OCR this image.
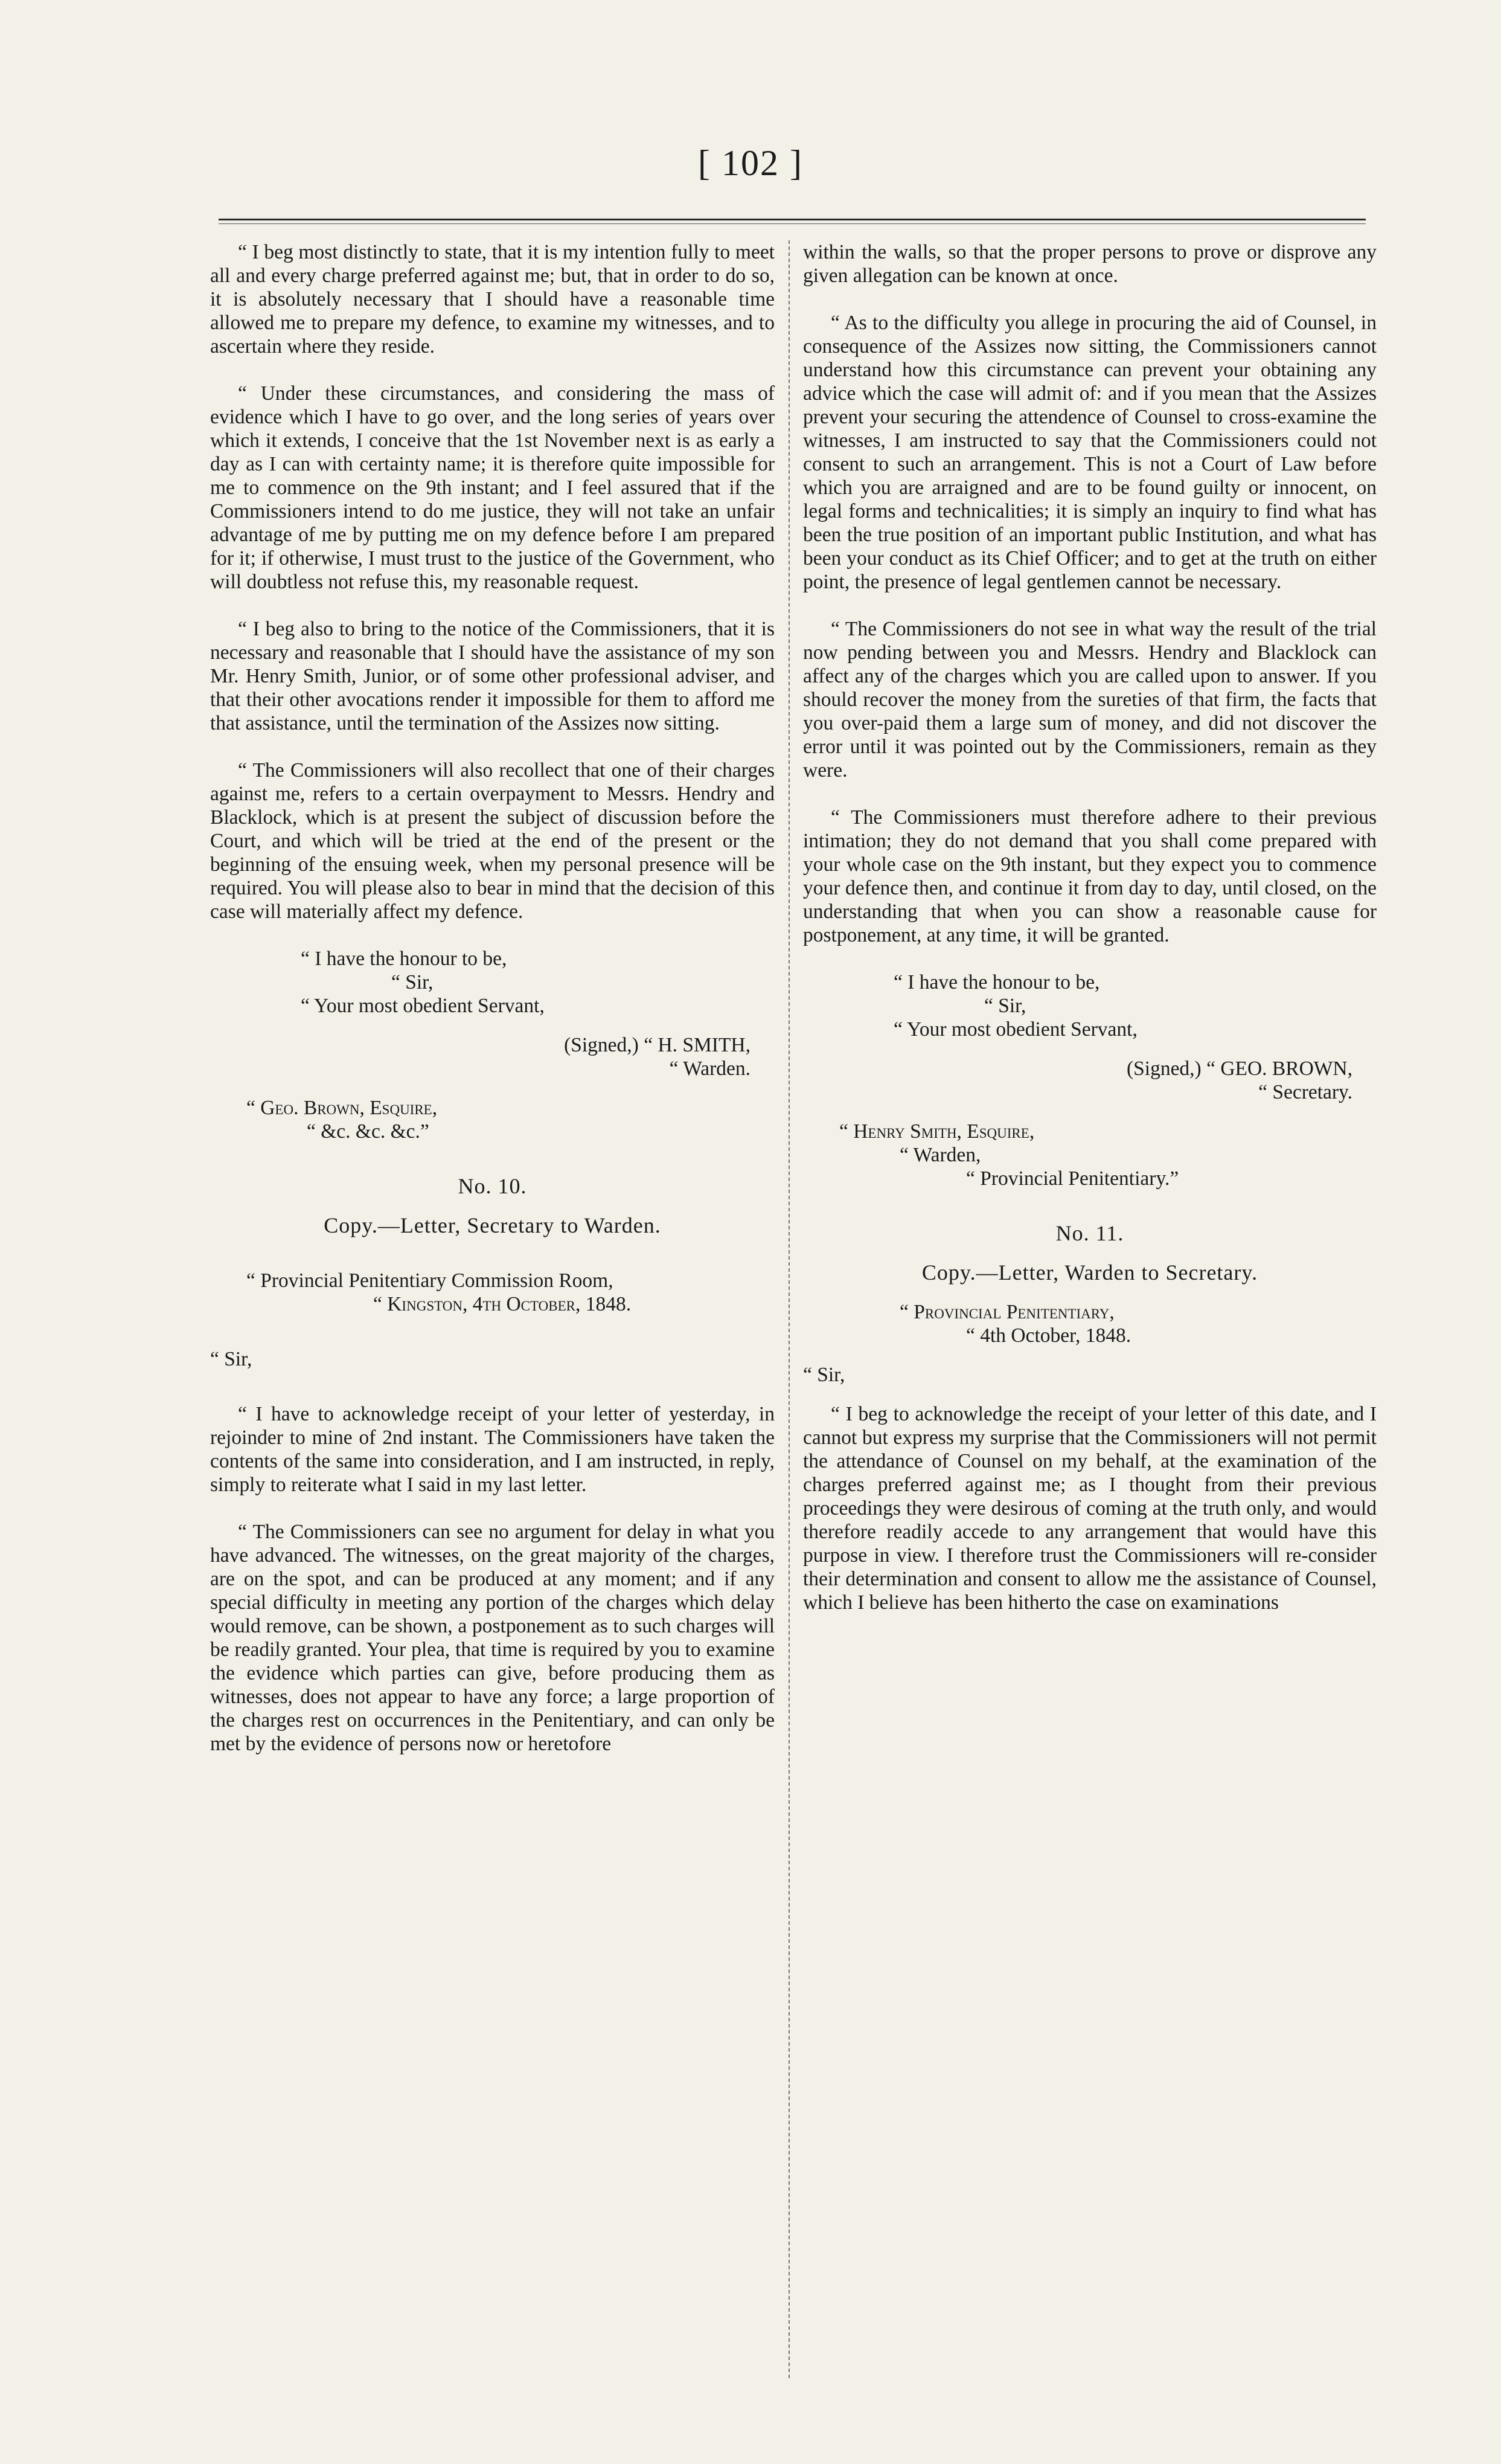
[ 102 ]

“ I beg most distinctly to state, that it is my intention fully to meet all and every charge preferred against me; but, that in order to do so, it is absolutely necessary that I should have a reasonable time allowed me to prepare my defence, to examine my witnesses, and to ascertain where they reside.

“ Under these circumstances, and considering the mass of evidence which I have to go over, and the long series of years over which it extends, I conceive that the 1st November next is as early a day as I can with certainty name; it is therefore quite impossible for me to commence on the 9th instant; and I feel assured that if the Commissioners intend to do me justice, they will not take an unfair advantage of me by putting me on my defence before I am prepared for it; if otherwise, I must trust to the justice of the Government, who will doubtless not refuse this, my reasonable request.

“ I beg also to bring to the notice of the Commissioners, that it is necessary and reasonable that I should have the assistance of my son Mr. Henry Smith, Junior, or of some other professional adviser, and that their other avocations render it impossible for them to afford me that assistance, until the termination of the Assizes now sitting.

“ The Commissioners will also recollect that one of their charges against me, refers to a certain overpayment to Messrs. Hendry and Blacklock, which is at present the subject of discussion before the Court, and which will be tried at the end of the present or the beginning of the ensuing week, when my personal presence will be required. You will please also to bear in mind that the decision of this case will materially affect my defence.

“ I have the honour to be,
“ Sir,
“ Your most obedient Servant,
(Signed,) “ H. SMITH,
“ Warden.
“ Geo. Brown, Esquire,
“ &c. &c. &c.”
No. 10.
Copy.—Letter, Secretary to Warden.
“ Provincial Penitentiary Commission Room,
“ Kingston, 4th October, 1848.
“ Sir,

“ I have to acknowledge receipt of your letter of yesterday, in rejoinder to mine of 2nd instant. The Commissioners have taken the contents of the same into consideration, and I am instructed, in reply, simply to reiterate what I said in my last letter.

“ The Commissioners can see no argument for delay in what you have advanced. The witnesses, on the great majority of the charges, are on the spot, and can be produced at any moment; and if any special difficulty in meeting any portion of the charges which delay would remove, can be shown, a postponement as to such charges will be readily granted. Your plea, that time is required by you to examine the evidence which parties can give, before producing them as witnesses, does not appear to have any force; a large proportion of the charges rest on occurrences in the Penitentiary, and can only be met by the evidence of persons now or heretofore

within the walls, so that the proper persons to prove or disprove any given allegation can be known at once.

“ As to the difficulty you allege in procuring the aid of Counsel, in consequence of the Assizes now sitting, the Commissioners cannot understand how this circumstance can prevent your obtaining any advice which the case will admit of: and if you mean that the Assizes prevent your securing the attendence of Counsel to cross-examine the witnesses, I am instructed to say that the Commissioners could not consent to such an arrangement. This is not a Court of Law before which you are arraigned and are to be found guilty or innocent, on legal forms and technicalities; it is simply an inquiry to find what has been the true position of an important public Institution, and what has been your conduct as its Chief Officer; and to get at the truth on either point, the presence of legal gentlemen cannot be necessary.

“ The Commissioners do not see in what way the result of the trial now pending between you and Messrs. Hendry and Blacklock can affect any of the charges which you are called upon to answer. If you should recover the money from the sureties of that firm, the facts that you over-paid them a large sum of money, and did not discover the error until it was pointed out by the Commissioners, remain as they were.

“ The Commissioners must therefore adhere to their previous intimation; they do not demand that you shall come prepared with your whole case on the 9th instant, but they expect you to commence your defence then, and continue it from day to day, until closed, on the understanding that when you can show a reasonable cause for postponement, at any time, it will be granted.

“ I have the honour to be,
“ Sir,
“ Your most obedient Servant,
(Signed,) “ GEO. BROWN,
“ Secretary.
“ Henry Smith, Esquire,
“ Warden,
“ Provincial Penitentiary.”
No. 11.
Copy.—Letter, Warden to Secretary.
“ Provincial Penitentiary,
“ 4th October, 1848.
“ Sir,

“ I beg to acknowledge the receipt of your letter of this date, and I cannot but express my surprise that the Commissioners will not permit the attendance of Counsel on my behalf, at the examination of the charges preferred against me; as I thought from their previous proceedings they were desirous of coming at the truth only, and would therefore readily accede to any arrangement that would have this purpose in view. I therefore trust the Commissioners will re-consider their determination and consent to allow me the assistance of Counsel, which I believe has been hitherto the case on examinations
